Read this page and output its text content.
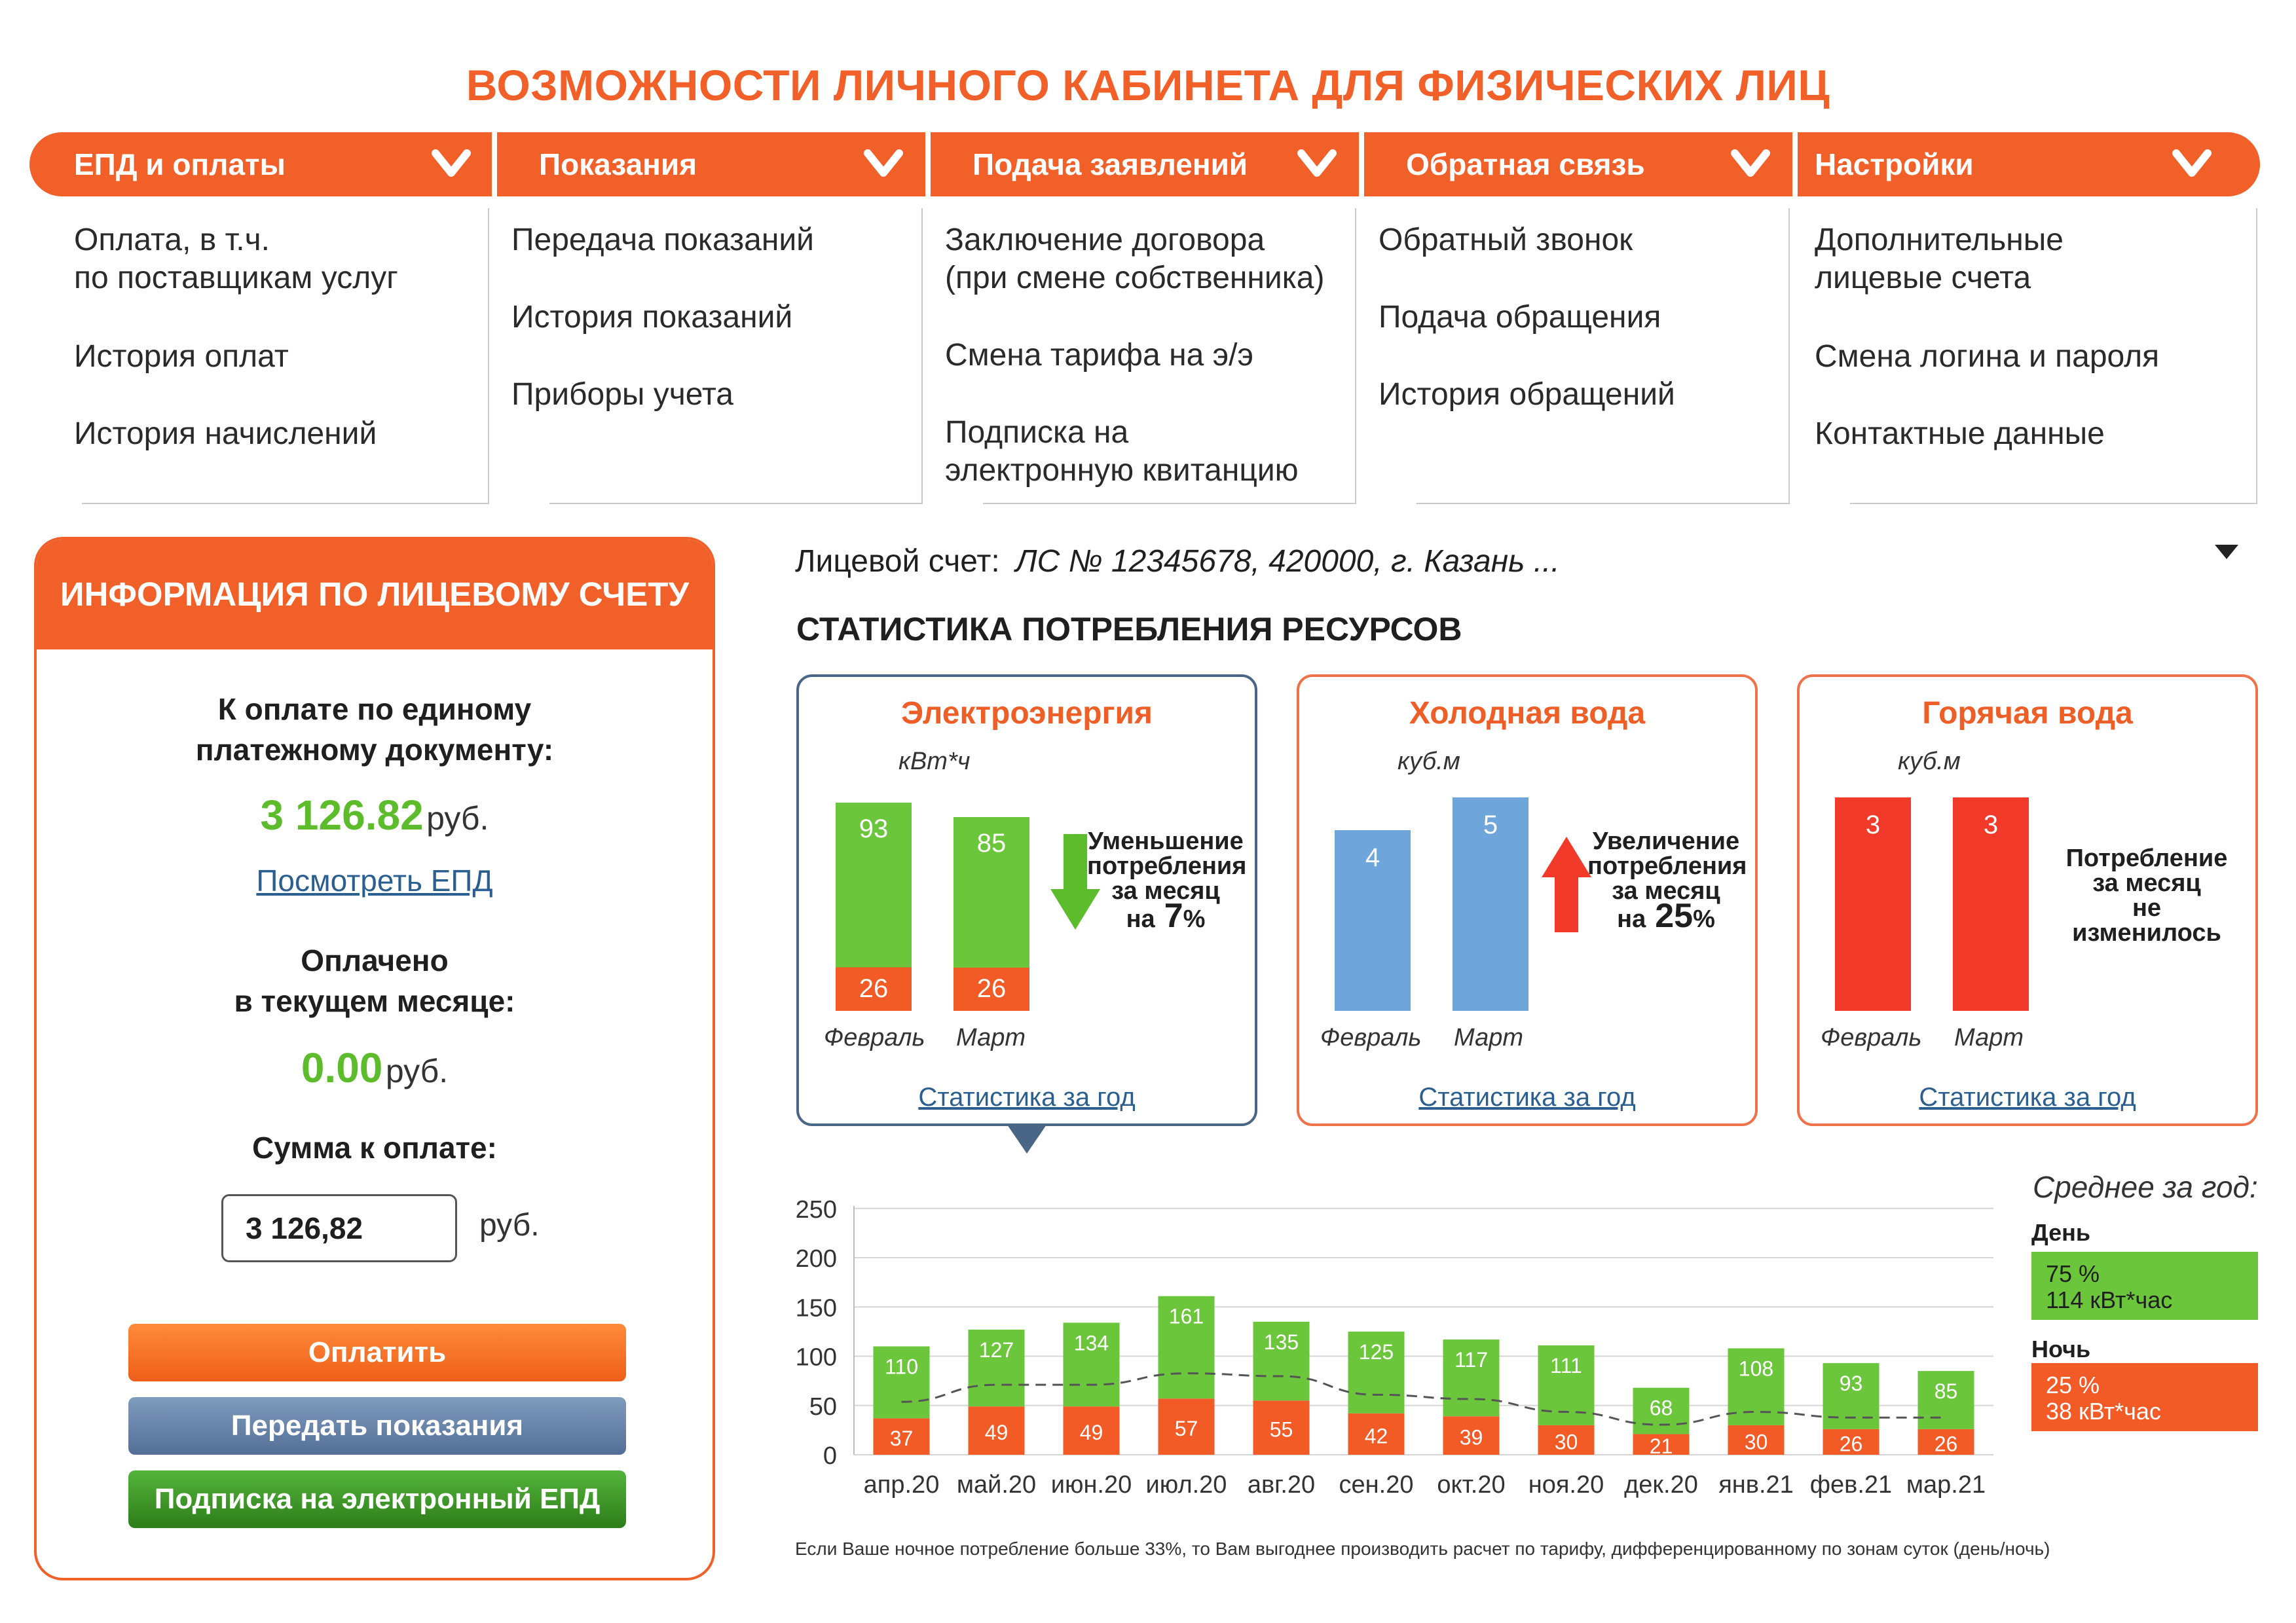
ВОЗМОЖНОСТИ ЛИЧНОГО КАБИНЕТА ДЛЯ ФИЗИЧЕСКИХ ЛИЦ
ЕПД и оплаты	Показания	Подача заявлений	Обратная связь	Настройки
Оплата, в т.ч.
по поставщикам услуг
История оплат
История начислений
Передача показаний
История показаний
Приборы учета
Заключение договора
(при смене собственника)
Смена тарифа на э/э
Подписка на
электронную квитанцию
Обратный звонок
Подача обращения
История обращений
Дополнительные
лицевые счета
Смена логина и пароля
Контактные данные
ИНФОРМАЦИЯ ПО ЛИЦЕВОМУ СЧЕТУ
К оплате по единому
платежному документу:
3 126.82 руб.
Посмотреть ЕПД
Оплачено
в текущем месяце:
0.00 руб.
Сумма к оплате:
3 126,82	руб.
Оплатить
Передать показания
Подписка на электронный ЕПД
Лицевой счет: ЛС № 12345678, 420000, г. Казань ...
СТАТИСТИКА ПОТРЕБЛЕНИЯ РЕСУРСОВ
Электроэнергия
кВт*ч
93
26
85
26
Февраль Март
Уменьшение
потребления
за месяц
на 7%
Статистика за год
Холодная вода
куб.м
4
5
Февраль Март
Увеличение
потребления
за месяц
на 25%
Статистика за год
Горячая вода
куб.м
3	3
Февраль Март
Потребление
за месяц
не изменилось
Статистика за год
0
50
100
150
200
250
110
37
апр.20
127
49
май.20
134
49
июн.20
161
57
июл.20
135
55
авг.20
125
42
сен.20
117
39
окт.20
111
30
ноя.20
68
21
дек.20
108
30
янв.21
93
26
фев.21
85
26
мар.21
Среднее за год:
День
75 %
114 кВт*час
Ночь
25 %
38 кВт*час
Если Ваше ночное потребление больше 33%, то Вам выгоднее производить расчет по тарифу, дифференцированному по зонам суток (день/ночь)
